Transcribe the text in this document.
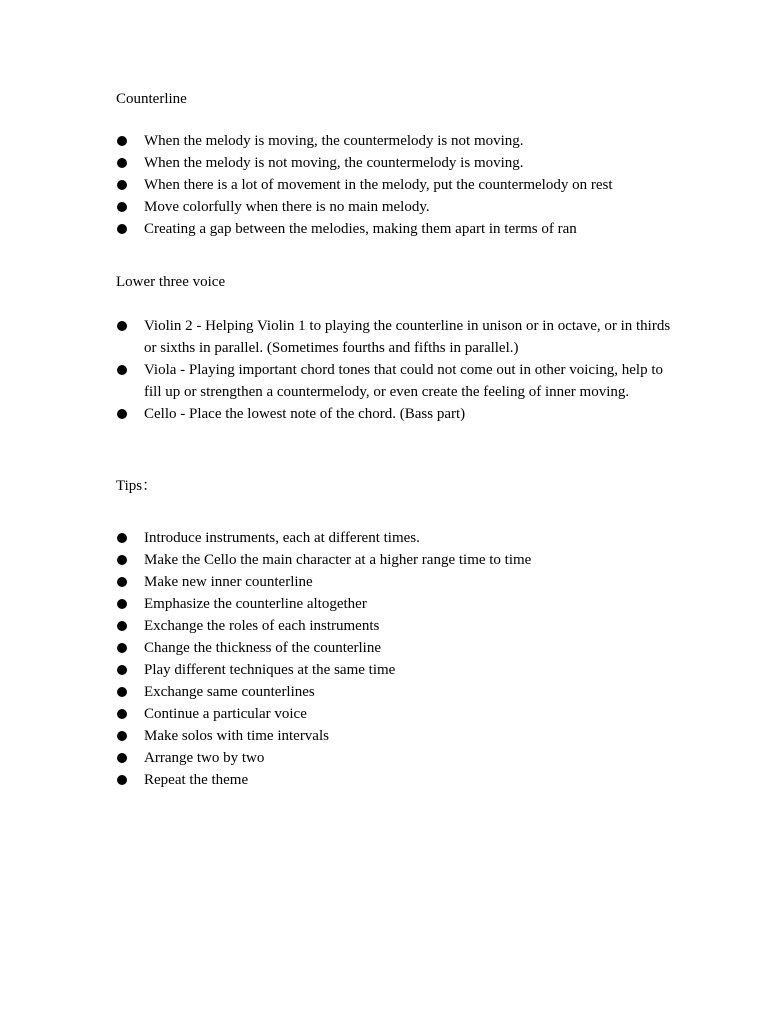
Counterline
When the melody is moving, the countermelody is not moving.
When the melody is not moving, the countermelody is moving.
When there is a lot of movement in the melody, put the countermelody on rest
Move colorfully when there is no main melody.
Creating a gap between the melodies, making them apart in terms of ran
Lower three voice
Violin 2 - Helping Violin 1 to playing the counterline in unison or in octave, or in thirds or sixths in parallel. (Sometimes fourths and fifths in parallel.)
Viola - Playing important chord tones that could not come out in other voicing, help to fill up or strengthen a countermelody, or even create the feeling of inner moving.
Cello - Place the lowest note of the chord. (Bass part)
Tips：
Introduce instruments, each at different times.
Make the Cello the main character at a higher range time to time
Make new inner counterline
Emphasize the counterline altogether
Exchange the roles of each instruments
Change the thickness of the counterline
Play different techniques at the same time
Exchange same counterlines
Continue a particular voice
Make solos with time intervals
Arrange two by two
Repeat the theme
